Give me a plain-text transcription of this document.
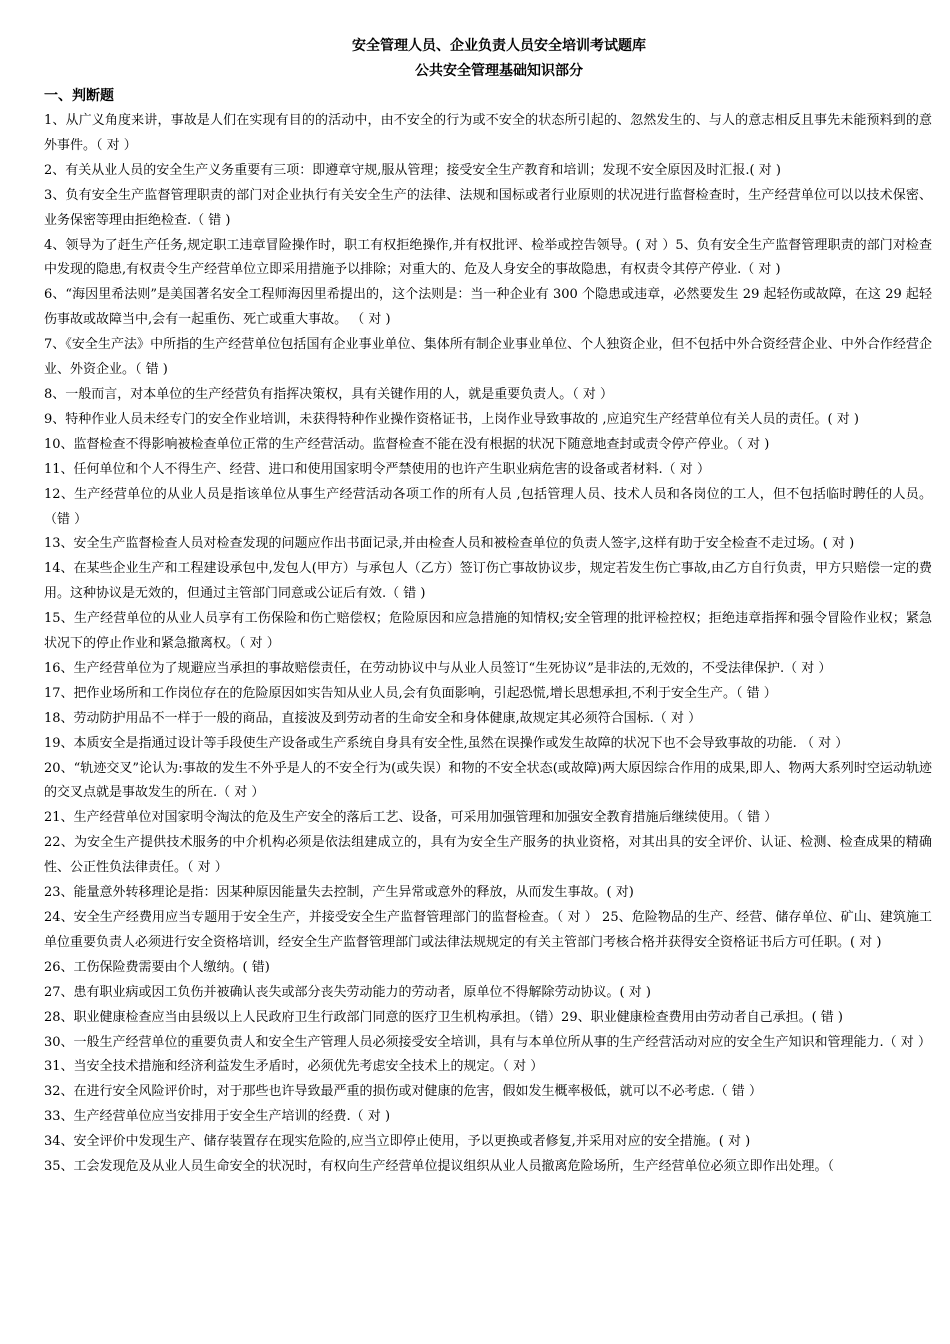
安全管理人员、企业负责人员安全培训考试题库
公共安全管理基础知识部分
一、判断题

1、从广义角度来讲，事故是人们在实现有目的的活动中，由不安全的行为或不安全的状态所引起的、忽然发生的、与人的意志相反且事先未能预料到的意外事件。（ 对 ）

2、有关从业人员的安全生产义务重要有三项：即遵章守规,服从管理；接受安全生产教育和培训；发现不安全原因及时汇报.( 对 )

3、负有安全生产监督管理职责的部门对企业执行有关安全生产的法律、法规和国标或者行业原则的状况进行监督检查时，生产经营单位可以以技术保密、业务保密等理由拒绝检查.（ 错 )

4、领导为了赶生产任务,规定职工违章冒险操作时，职工有权拒绝操作,并有权批评、检举或控告领导。( 对 ）5、负有安全生产监督管理职责的部门对检查中发现的隐患,有权责令生产经营单位立即采用措施予以排除；对重大的、危及人身安全的事故隐患，有权责令其停产停业.（ 对 )

6、“海因里希法则”是美国著名安全工程师海因里希提出的，这个法则是：当一种企业有 300 个隐患或违章，必然要发生 29 起轻伤或故障，在这 29 起轻伤事故或故障当中,会有一起重伤、死亡或重大事故。 （ 对 )

7、《安全生产法》中所指的生产经营单位包括国有企业事业单位、集体所有制企业事业单位、个人独资企业，但不包括中外合资经营企业、中外合作经营企业、外资企业。（ 错 )

8、一般而言，对本单位的生产经营负有指挥决策权，具有关键作用的人，就是重要负责人。（ 对 ）

9、特种作业人员未经专门的安全作业培训，未获得特种作业操作资格证书，上岗作业导致事故的 ,应追究生产经营单位有关人员的责任。( 对 )

10、监督检查不得影响被检查单位正常的生产经营活动。监督检查不能在没有根据的状况下随意地查封或责令停产停业。（ 对 )

11、任何单位和个人不得生产、经营、进口和使用国家明令严禁使用的也许产生职业病危害的设备或者材料.（ 对 ）

12、生产经营单位的从业人员是指该单位从事生产经营活动各项工作的所有人员 ,包括管理人员、技术人员和各岗位的工人，但不包括临时聘任的人员。（错 ）

13、安全生产监督检查人员对检查发现的问题应作出书面记录,并由检查人员和被检查单位的负责人签字,这样有助于安全检查不走过场。( 对 )

14、在某些企业生产和工程建设承包中,发包人(甲方）与承包人（乙方）签订伤亡事故协议步，规定若发生伤亡事故,由乙方自行负责，甲方只赔偿一定的费用。这种协议是无效的，但通过主管部门同意或公证后有效.（ 错 )

15、生产经营单位的从业人员享有工伤保险和伤亡赔偿权；危险原因和应急措施的知情权;安全管理的批评检控权；拒绝违章指挥和强令冒险作业权；紧急状况下的停止作业和紧急撤离权。（ 对 ）

16、生产经营单位为了规避应当承担的事故赔偿责任，在劳动协议中与从业人员签订“生死协议”是非法的,无效的，不受法律保护.（ 对 ）

17、把作业场所和工作岗位存在的危险原因如实告知从业人员,会有负面影响，引起恐慌,增长思想承担,不利于安全生产。（ 错 ）

18、劳动防护用品不一样于一般的商品，直接波及到劳动者的生命安全和身体健康,故规定其必须符合国标.（ 对 ）

19、本质安全是指通过设计等手段使生产设备或生产系统自身具有安全性,虽然在误操作或发生故障的状况下也不会导致事故的功能. （ 对 ）

20、“轨迹交叉”论认为:事故的发生不外乎是人的不安全行为(或失误）和物的不安全状态(或故障)两大原因综合作用的成果,即人、物两大系列时空运动轨迹的交叉点就是事故发生的所在.（ 对 ）

21、生产经营单位对国家明令淘汰的危及生产安全的落后工艺、设备，可采用加强管理和加强安全教育措施后继续使用。（ 错 ）

22、为安全生产提供技术服务的中介机构必须是依法组建成立的，具有为安全生产服务的执业资格，对其出具的安全评价、认证、检测、检查成果的精确性、公正性负法律责任。（ 对 ）

23、能量意外转移理论是指：因某种原因能量失去控制，产生异常或意外的释放，从而发生事故。( 对)

24、安全生产经费用应当专题用于安全生产，并接受安全生产监督管理部门的监督检查。（ 对 ） 25、危险物品的生产、经营、储存单位、矿山、建筑施工单位重要负责人必须进行安全资格培训，经安全生产监督管理部门或法律法规规定的有关主管部门考核合格并获得安全资格证书后方可任职。( 对 )

26、工伤保险费需要由个人缴纳。( 错)

27、患有职业病或因工负伤并被确认丧失或部分丧失劳动能力的劳动者，原单位不得解除劳动协议。( 对 )

28、职业健康检查应当由县级以上人民政府卫生行政部门同意的医疗卫生机构承担。（错）29、职业健康检查费用由劳动者自己承担。( 错 )

30、一般生产经营单位的重要负责人和安全生产管理人员必须接受安全培训，具有与本单位所从事的生产经营活动对应的安全生产知识和管理能力.（ 对 ）

31、当安全技术措施和经济利益发生矛盾时，必须优先考虑安全技术上的规定。（ 对 ）

32、在进行安全风险评价时，对于那些也许导致最严重的损伤或对健康的危害，假如发生概率极低，就可以不必考虑.（ 错 ）

33、生产经营单位应当安排用于安全生产培训的经费.（ 对 )

34、安全评价中发现生产、储存装置存在现实危险的,应当立即停止使用，予以更换或者修复,并采用对应的安全措施。( 对 )

35、工会发现危及从业人员生命安全的状况时，有权向生产经营单位提议组织从业人员撤离危险场所，生产经营单位必须立即作出处理。（
